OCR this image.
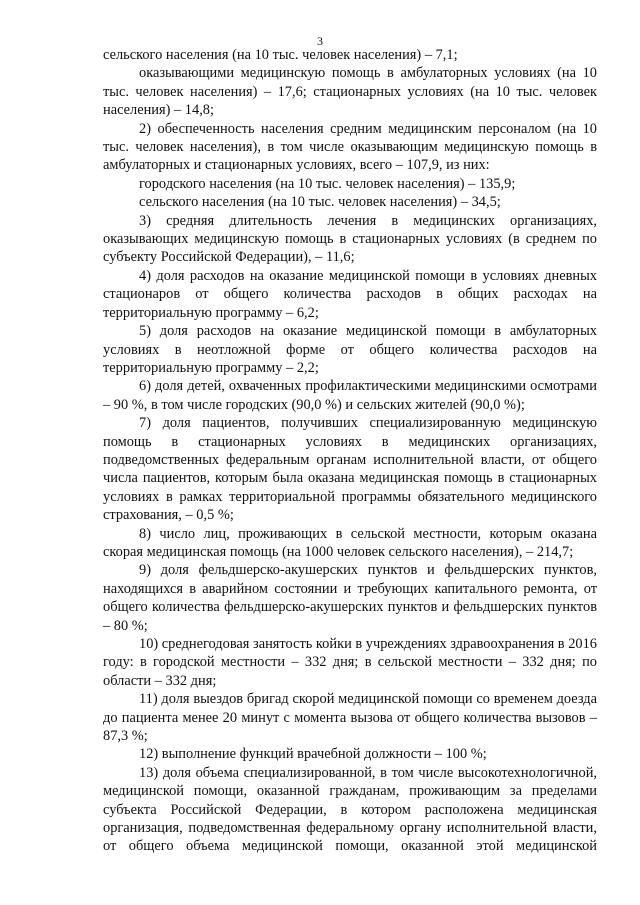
3

сельского населения (на 10 тыс. человек населения) – 7,1;

оказывающими медицинскую помощь в амбулаторных условиях (на 10 тыс. человек населения) – 17,6; стационарных условиях (на 10 тыс. человек населения) – 14,8;

2) обеспеченность населения средним медицинским персоналом (на 10 тыс. человек населения), в том числе оказывающим медицинскую помощь в амбулаторных и стационарных условиях, всего – 107,9, из них:

городского населения (на 10 тыс. человек населения) – 135,9;

сельского населения (на 10 тыс. человек населения) – 34,5;

3) средняя длительность лечения в медицинских организациях, оказывающих медицинскую помощь в стационарных условиях (в среднем по субъекту Российской Федерации), – 11,6;

4) доля расходов на оказание медицинской помощи в условиях дневных стационаров от общего количества расходов в общих расходах на территориальную программу – 6,2;

5) доля расходов на оказание медицинской помощи в амбулаторных условиях в неотложной форме от общего количества расходов на территориальную программу – 2,2;

6) доля детей, охваченных профилактическими медицинскими осмотрами – 90 %, в том числе городских (90,0 %) и сельских жителей (90,0 %);

7) доля пациентов, получивших специализированную медицинскую помощь в стационарных условиях в медицинских организациях, подведомственных федеральным органам исполнительной власти, от общего числа пациентов, которым была оказана медицинская помощь в стационарных условиях в рамках территориальной программы обязательного медицинского страхования, – 0,5 %;

8) число лиц, проживающих в сельской местности, которым оказана скорая медицинская помощь (на 1000 человек сельского населения), – 214,7;

9) доля фельдшерско-акушерских пунктов и фельдшерских пунктов, находящихся в аварийном состоянии и требующих капитального ремонта, от общего количества фельдшерско-акушерских пунктов и фельдшерских пунктов – 80 %;

10) среднегодовая занятость койки в учреждениях здравоохранения в 2016 году: в городской местности – 332 дня; в сельской местности – 332 дня; по области – 332 дня;

11) доля выездов бригад скорой медицинской помощи со временем доезда до пациента менее 20 минут с момента вызова от общего количества вызовов – 87,3 %;

12) выполнение функций врачебной должности – 100 %;

13) доля объема специализированной, в том числе высокотехнологичной, медицинской помощи, оказанной гражданам, проживающим за пределами субъекта Российской Федерации, в котором расположена медицинская организация, подведомственная федеральному органу исполнительной власти, от общего объема медицинской помощи, оказанной этой медицинской
